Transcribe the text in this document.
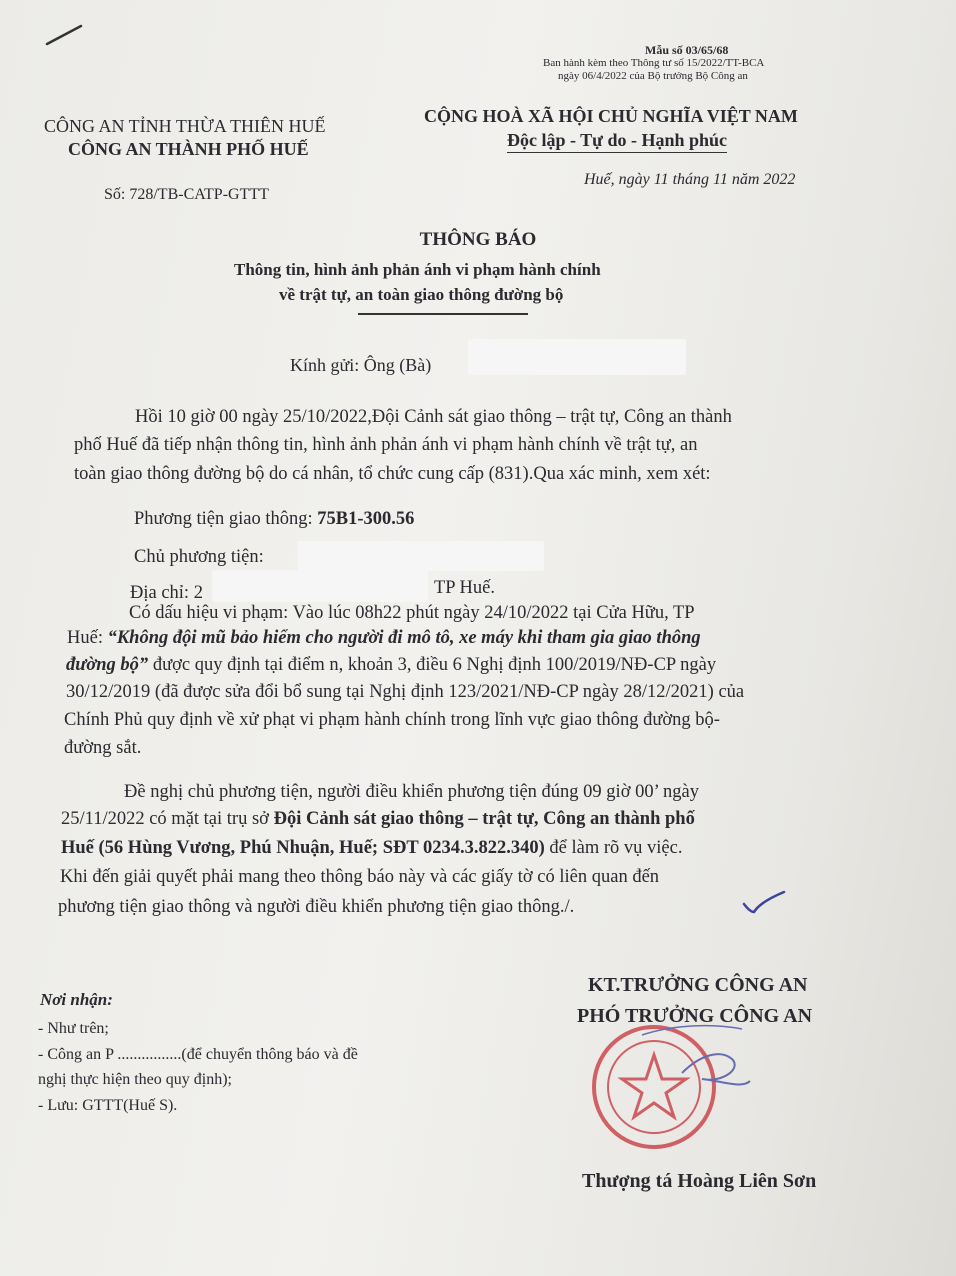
Mẫu số 03/65/68
Ban hành kèm theo Thông tư số 15/2022/TT-BCA
ngày 06/4/2022 của Bộ trưởng Bộ Công an
CÔNG AN TỈNH THỪA THIÊN HUẾ
CÔNG AN THÀNH PHỐ HUẾ
CỘNG HOÀ XÃ HỘI CHỦ NGHĨA VIỆT NAM
Độc lập - Tự do - Hạnh phúc
Số: 728/TB-CATP-GTTT
Huế, ngày 11 tháng 11 năm 2022
THÔNG BÁO
Thông tin, hình ảnh phản ánh vi phạm hành chính
về trật tự, an toàn giao thông đường bộ
Kính gửi: Ông (Bà)
Hồi 10 giờ 00 ngày 25/10/2022,Đội Cảnh sát giao thông – trật tự, Công an thành
phố Huế đã tiếp nhận thông tin, hình ảnh phản ánh vi phạm hành chính về trật tự, an
toàn giao thông đường bộ do cá nhân, tổ chức cung cấp (831).Qua xác minh, xem xét:
Phương tiện giao thông: 75B1-300.56
Chủ phương tiện:
Địa chỉ: 2	TP Huế.
Có dấu hiệu vi phạm: Vào lúc 08h22 phút ngày 24/10/2022 tại Cửa Hữu, TP
Huế: “Không đội mũ bảo hiểm cho người đi mô tô, xe máy khi tham gia giao thông
đường bộ” được quy định tại điểm n, khoản 3, điều 6 Nghị định 100/2019/NĐ-CP ngày
30/12/2019 (đã được sửa đổi bổ sung tại Nghị định 123/2021/NĐ-CP ngày 28/12/2021) của
Chính Phủ quy định về xử phạt vi phạm hành chính trong lĩnh vực giao thông đường bộ-
đường sắt.
Đề nghị chủ phương tiện, người điều khiển phương tiện đúng 09 giờ 00’ ngày
25/11/2022 có mặt tại trụ sở Đội Cảnh sát giao thông – trật tự, Công an thành phố
Huế (56 Hùng Vương, Phú Nhuận, Huế; SĐT 0234.3.822.340) để làm rõ vụ việc.
Khi đến giải quyết phải mang theo thông báo này và các giấy tờ có liên quan đến
phương tiện giao thông và người điều khiển phương tiện giao thông./.
Nơi nhận:
- Như trên;
- Công an P ................(để chuyển thông báo và đề
nghị thực hiện theo quy định);
- Lưu: GTTT(Huế S).
KT.TRƯỞNG CÔNG AN
PHÓ TRƯỞNG CÔNG AN
Thượng tá Hoàng Liên Sơn
